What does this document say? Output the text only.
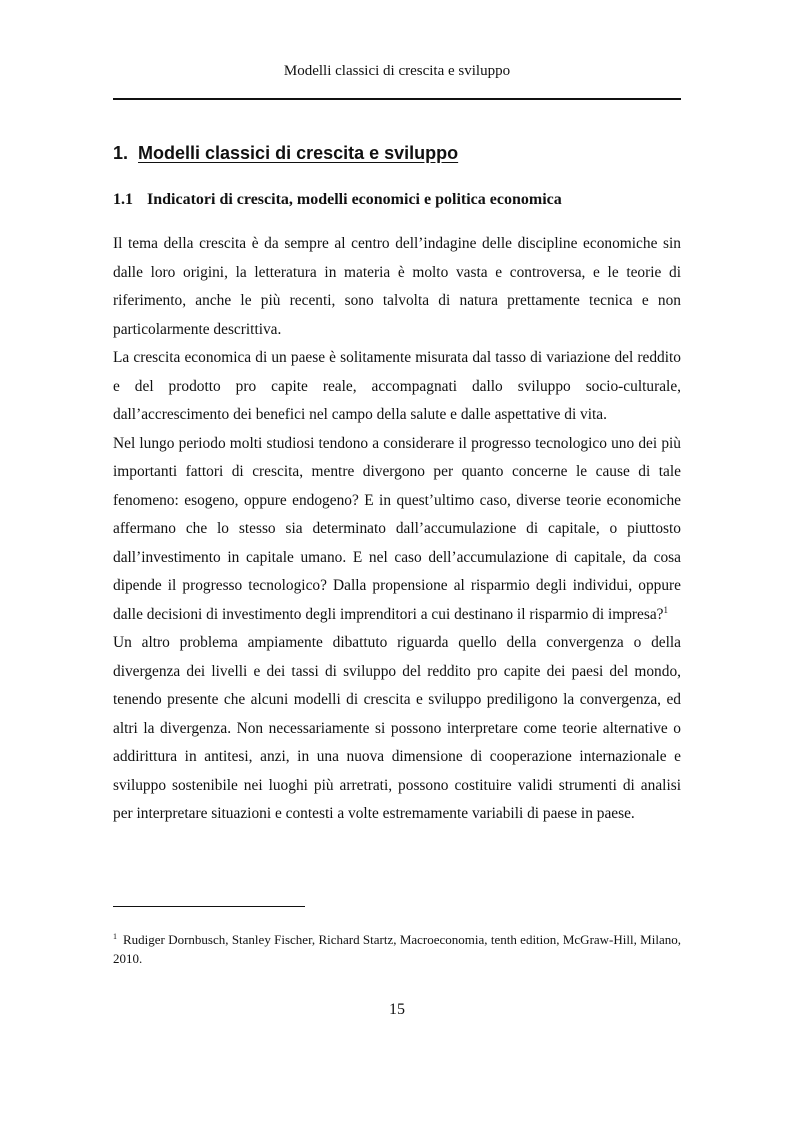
Modelli classici di crescita e sviluppo
1. Modelli classici di crescita e sviluppo
1.1 Indicatori di crescita, modelli economici e politica economica

Il tema della crescita è da sempre al centro dell’indagine delle discipline economiche sin dalle loro origini, la letteratura in materia è molto vasta e controversa, e le teorie di riferimento, anche le più recenti, sono talvolta di natura prettamente tecnica e non particolarmente descrittiva.

La crescita economica di un paese è solitamente misurata dal tasso di variazione del reddito e del prodotto pro capite reale, accompagnati dallo sviluppo socio-culturale, dall’accrescimento dei benefici nel campo della salute e dalle aspettative di vita.

Nel lungo periodo molti studiosi tendono a considerare il progresso tecnologico uno dei più importanti fattori di crescita, mentre divergono per quanto concerne le cause di tale fenomeno: esogeno, oppure endogeno? E in quest’ultimo caso, diverse teorie economiche affermano che lo stesso sia determinato dall’accumulazione di capitale, o piuttosto dall’investimento in capitale umano. E nel caso dell’accumulazione di capitale, da cosa dipende il progresso tecnologico? Dalla propensione al risparmio degli individui, oppure dalle decisioni di investimento degli imprenditori a cui destinano il risparmio di impresa?$^1$

Un altro problema ampiamente dibattuto riguarda quello della convergenza o della divergenza dei livelli e dei tassi di sviluppo del reddito pro capite dei paesi del mondo, tenendo presente che alcuni modelli di crescita e sviluppo prediligono la convergenza, ed altri la divergenza. Non necessariamente si possono interpretare come teorie alternative o addirittura in antitesi, anzi, in una nuova dimensione di cooperazione internazionale e sviluppo sostenibile nei luoghi più arretrati, possono costituire validi strumenti di analisi per interpretare situazioni e contesti a volte estremamente variabili di paese in paese.

$^1$ Rudiger Dornbusch, Stanley Fischer, Richard Startz, Macroeconomia, tenth edition, McGraw-Hill, Milano, 2010.

15
